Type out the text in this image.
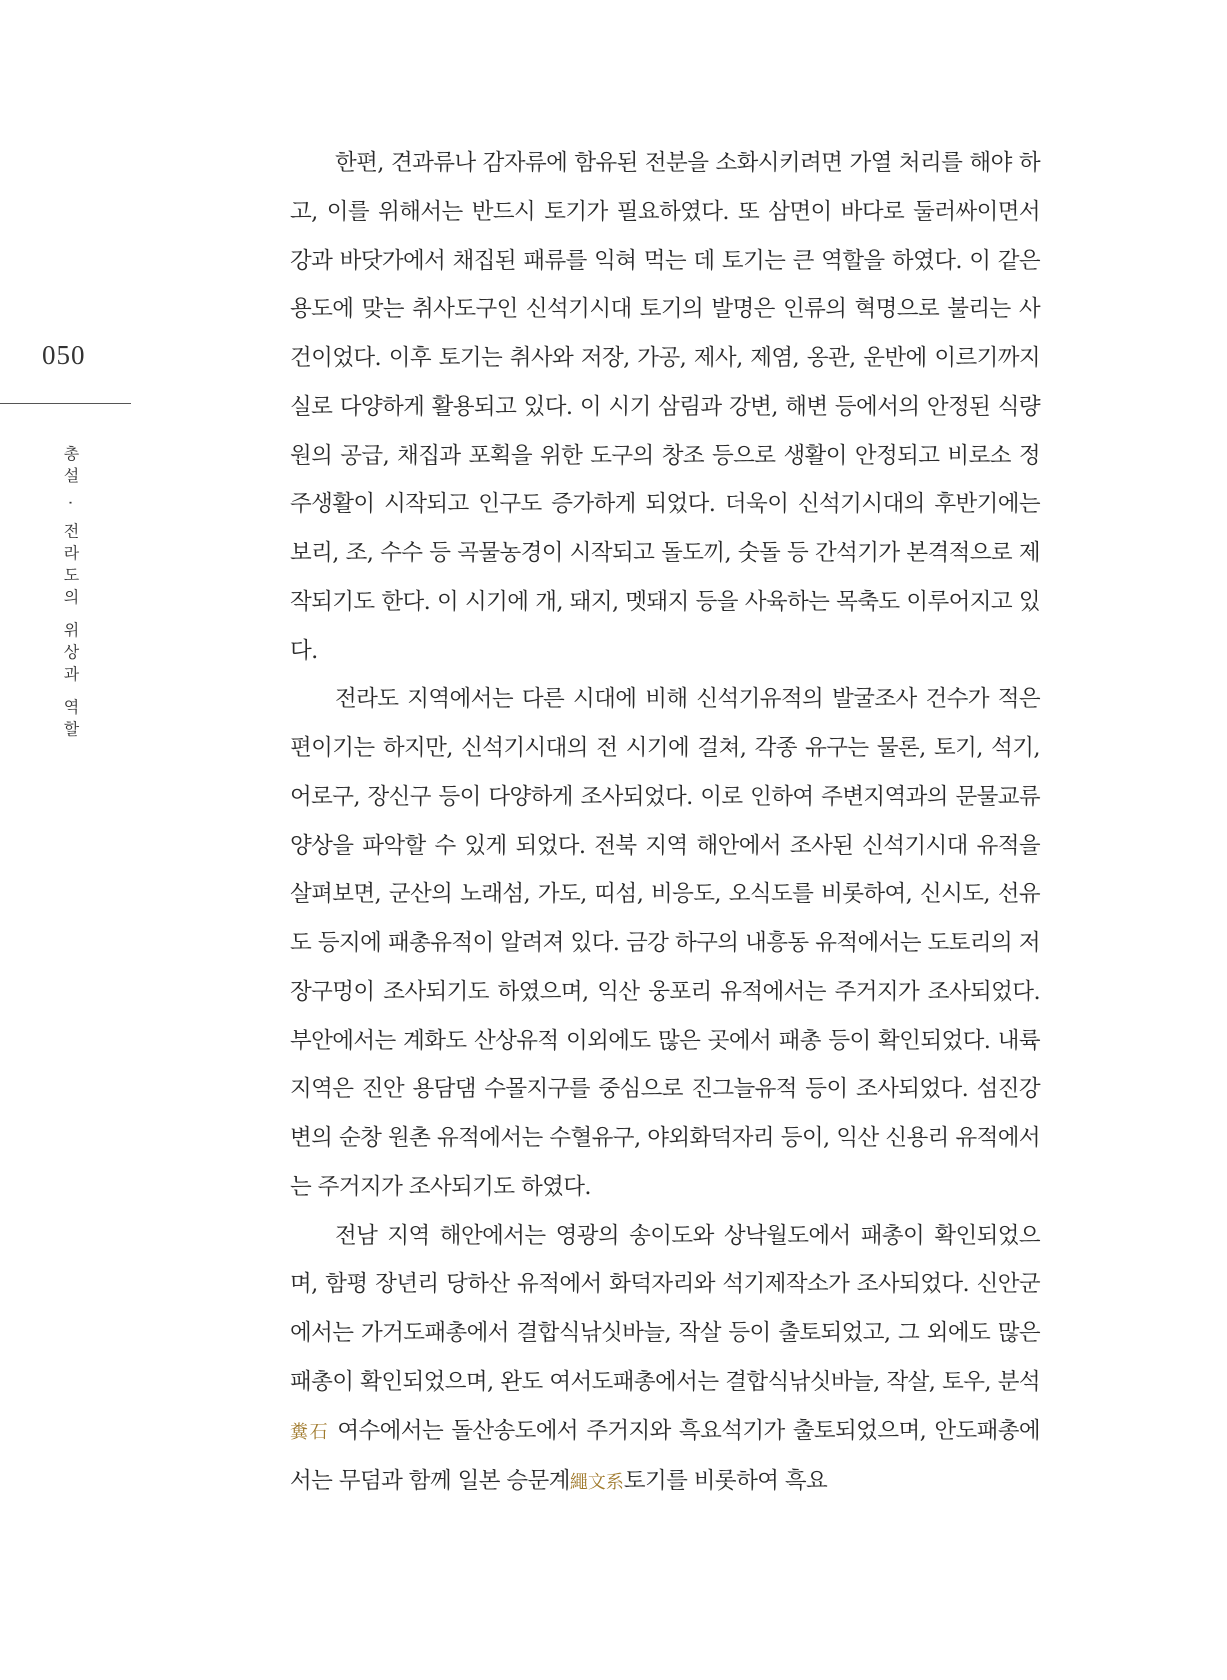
050
총설 · 전라도의 위상과 역할

한편, 견과류나 감자류에 함유된 전분을 소화시키려면 가열 처리를 해야 하고, 이를 위해서는 반드시 토기가 필요하였다. 또 삼면이 바다로 둘러싸이면서 강과 바닷가에서 채집된 패류를 익혀 먹는 데 토기는 큰 역할을 하였다. 이 같은 용도에 맞는 취사도구인 신석기시대 토기의 발명은 인류의 혁명으로 불리는 사건이었다. 이후 토기는 취사와 저장, 가공, 제사, 제염, 옹관, 운반에 이르기까지 실로 다양하게 활용되고 있다. 이 시기 삼림과 강변, 해변 등에서의 안정된 식량원의 공급, 채집과 포획을 위한 도구의 창조 등으로 생활이 안정되고 비로소 정주생활이 시작되고 인구도 증가하게 되었다. 더욱이 신석기시대의 후반기에는 보리, 조, 수수 등 곡물농경이 시작되고 돌도끼, 숫돌 등 간석기가 본격적으로 제작되기도 한다. 이 시기에 개, 돼지, 멧돼지 등을 사육하는 목축도 이루어지고 있다.

전라도 지역에서는 다른 시대에 비해 신석기유적의 발굴조사 건수가 적은 편이기는 하지만, 신석기시대의 전 시기에 걸쳐, 각종 유구는 물론, 토기, 석기, 어로구, 장신구 등이 다양하게 조사되었다. 이로 인하여 주변지역과의 문물교류 양상을 파악할 수 있게 되었다. 전북 지역 해안에서 조사된 신석기시대 유적을 살펴보면, 군산의 노래섬, 가도, 띠섬, 비응도, 오식도를 비롯하여, 신시도, 선유도 등지에 패총유적이 알려져 있다. 금강 하구의 내흥동 유적에서는 도토리의 저장구멍이 조사되기도 하였으며, 익산 웅포리 유적에서는 주거지가 조사되었다. 부안에서는 계화도 산상유적 이외에도 많은 곳에서 패총 등이 확인되었다. 내륙지역은 진안 용담댐 수몰지구를 중심으로 진그늘유적 등이 조사되었다. 섬진강변의 순창 원촌 유적에서는 수혈유구, 야외화덕자리 등이, 익산 신용리 유적에서는 주거지가 조사되기도 하였다.

전남 지역 해안에서는 영광의 송이도와 상낙월도에서 패총이 확인되었으며, 함평 장년리 당하산 유적에서 화덕자리와 석기제작소가 조사되었다. 신안군에서는 가거도패총에서 결합식낚싯바늘, 작살 등이 출토되었고, 그 외에도 많은 패총이 확인되었으며, 완도 여서도패총에서는 결합식낚싯바늘, 작살, 토우, 분석糞石 여수에서는 돌산송도에서 주거지와 흑요석기가 출토되었으며, 안도패총에서는 무덤과 함께 일본 승문계繩文系토기를 비롯하여 흑요
